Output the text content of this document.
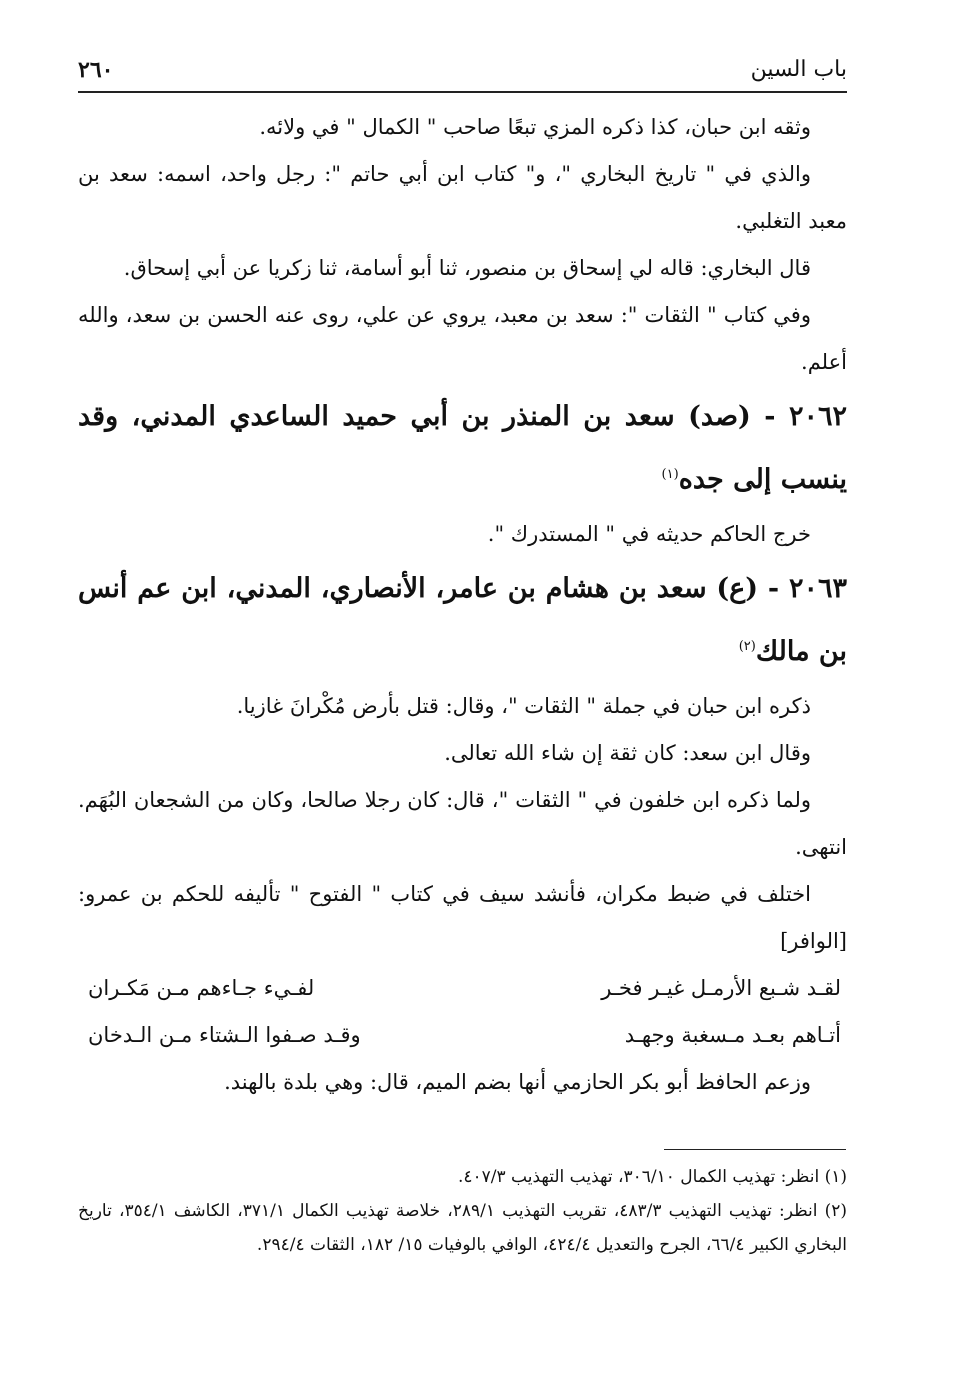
باب السين
٢٦٠

وثقه ابن حبان، كذا ذكره المزي تبعًا صاحب " الكمال " في ولائه.

والذي في " تاريخ البخاري "، و" كتاب ابن أبي حاتم ": رجل واحد، اسمه: سعد بن معبد التغلبي.

قال البخاري: قاله لي إسحاق بن منصور، ثنا أبو أسامة، ثنا زكريا عن أبي إسحاق.

وفي كتاب " الثقات ": سعد بن معبد، يروي عن علي، روى عنه الحسن بن سعد، والله أعلم.

٢٠٦٢ - (صد) سعد بن المنذر بن أبي حميد الساعدي المدني، وقد ينسب إلى جده$^{(١)}$

خرج الحاكم حديثه في " المستدرك ".

٢٠٦٣ - (ع) سعد بن هشام بن عامر، الأنصاري، المدني، ابن عم أنس بن مالك$^{(٢)}$

ذكره ابن حبان في جملة " الثقات "، وقال: قتل بأرض مُكْرانَ غازيا.

وقال ابن سعد: كان ثقة إن شاء الله تعالى.

ولما ذكره ابن خلفون في " الثقات "، قال: كان رجلا صالحا، وكان من الشجعان البُهَم. انتهى.

اختلف في ضبط مكران، فأنشد سيف في كتاب " الفتوح " تأليفه للحكم بن عمرو: [الوافر]

لقـد شـبع الأرمـل غيـر فخـر
لفـيء جـاءهم مـن مَكـران
أتـاهم بعـد مـسغبة وجهـد
وقـد صـفوا الـشتاء مـن الـدخان

وزعم الحافظ أبو بكر الحازمي أنها بضم الميم، قال: وهي بلدة بالهند.

(١) انظر: تهذيب الكمال ٣٠٦/١٠، تهذيب التهذيب ٤٠٧/٣.

(٢) انظر: تهذيب التهذيب ٤٨٣/٣، تقريب التهذيب ٢٨٩/١، خلاصة تهذيب الكمال ٣٧١/١، الكاشف ٣٥٤/١، تاريخ البخاري الكبير ٦٦/٤، الجرح والتعديل ٤٢٤/٤، الوافي بالوفيات ١٥/ ١٨٢، الثقات ٢٩٤/٤.
